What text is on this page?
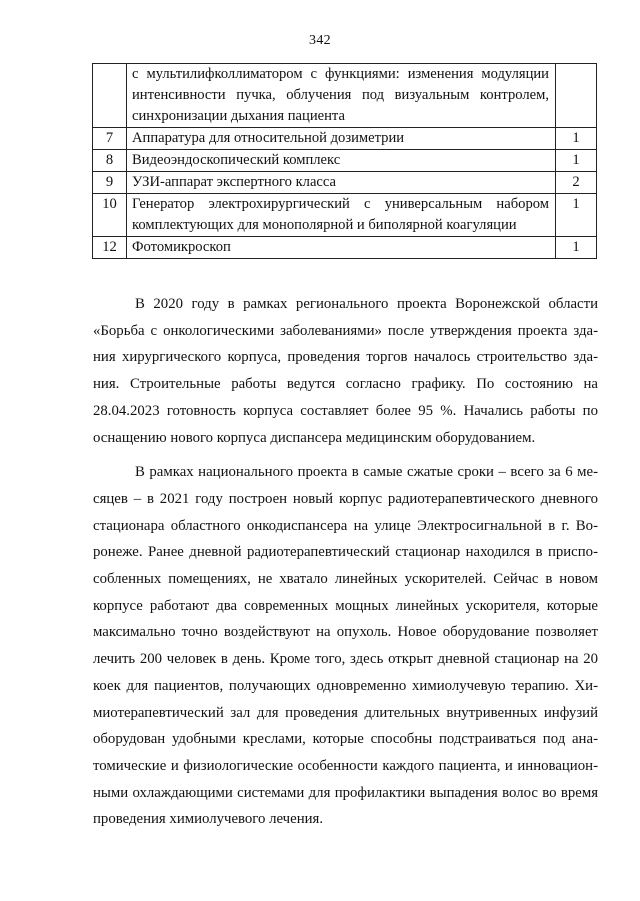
342
	с мультилифколлиматором с функциями: изменения модуляции интенсивности пучка, облучения под визуальным контролем, синхронизации дыхания пациента	
7	Аппаратура для относительной дозиметрии	1
8	Видеоэндоскопический комплекс	1
9	УЗИ-аппарат экспертного класса	2
10	Генератор электрохирургический с универсальным набором комплектующих для монополярной и биполярной коагуляции	1
12	Фотомикроскоп	1

В 2020 году в рамках регионального проекта Воронежской области «Борьба с онкологическими заболеваниями» после утверждения проекта здания хирургического корпуса, проведения торгов началось строительство здания. Строительные работы ведутся согласно графику. По состоянию на 28.04.2023 готовность корпуса составляет более 95 %. Начались работы по оснащению нового корпуса диспансера медицинским оборудованием.

В рамках национального проекта в самые сжатые сроки – всего за 6 месяцев – в 2021 году построен новый корпус радиотерапевтического дневного стационара областного онкодиспансера на улице Электросигнальной в г. Воронеже. Ранее дневной радиотерапевтический стационар находился в приспособленных помещениях, не хватало линейных ускорителей. Сейчас в новом корпусе работают два современных мощных линейных ускорителя, которые максимально точно воздействуют на опухоль. Новое оборудование позволяет лечить 200 человек в день. Кроме того, здесь открыт дневной стационар на 20 коек для пациентов, получающих одновременно химиолучевую терапию. Химиотерапевтический зал для проведения длительных внутривенных инфузий оборудован удобными креслами, которые способны подстраиваться под анатомические и физиологические особенности каждого пациента, и инновационными охлаждающими системами для профилактики выпадения волос во время проведения химиолучевого лечения.
